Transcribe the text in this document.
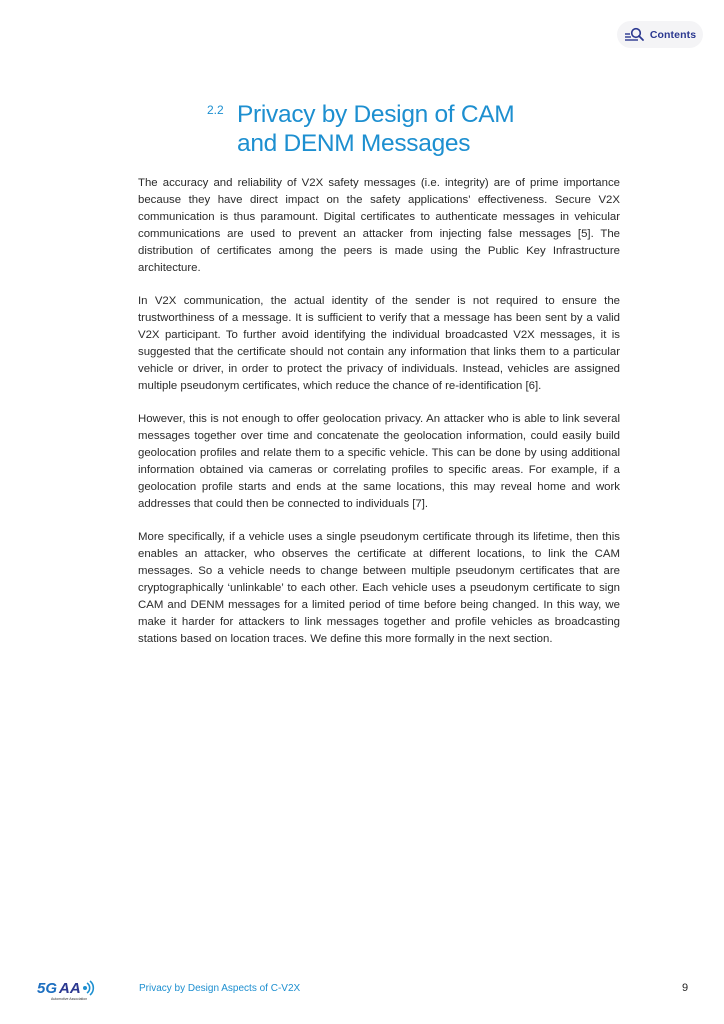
Contents
2.2 Privacy by Design of CAM and DENM Messages

The accuracy and reliability of V2X safety messages (i.e. integrity) are of prime importance because they have direct impact on the safety applications’ effectiveness. Secure V2X communication is thus paramount. Digital certificates to authenticate messages in vehicular communications are used to prevent an attacker from injecting false messages [5]. The distribution of certificates among the peers is made using the Public Key Infrastructure architecture.

In V2X communication, the actual identity of the sender is not required to ensure the trustworthiness of a message. It is sufficient to verify that a message has been sent by a valid V2X participant. To further avoid identifying the individual broadcasted V2X messages, it is suggested that the certificate should not contain any information that links them to a particular vehicle or driver, in order to protect the privacy of individuals. Instead, vehicles are assigned multiple pseudonym certificates, which reduce the chance of re-identification [6].

However, this is not enough to offer geolocation privacy. An attacker who is able to link several messages together over time and concatenate the geolocation information, could easily build geolocation profiles and relate them to a specific vehicle. This can be done by using additional information obtained via cameras or correlating profiles to specific areas. For example, if a geolocation profile starts and ends at the same locations, this may reveal home and work addresses that could then be connected to individuals [7].

More specifically, if a vehicle uses a single pseudonym certificate through its lifetime, then this enables an attacker, who observes the certificate at different locations, to link the CAM messages. So a vehicle needs to change between multiple pseudonym certificates that are cryptographically ‘unlinkable’ to each other. Each vehicle uses a pseudonym certificate to sign CAM and DENM messages for a limited period of time before being changed. In this way, we make it harder for attackers to link messages together and profile vehicles as broadcasting stations based on location traces. We define this more formally in the next section.

5G AA
Automotive Association
Privacy by Design Aspects of C-V2X	9
